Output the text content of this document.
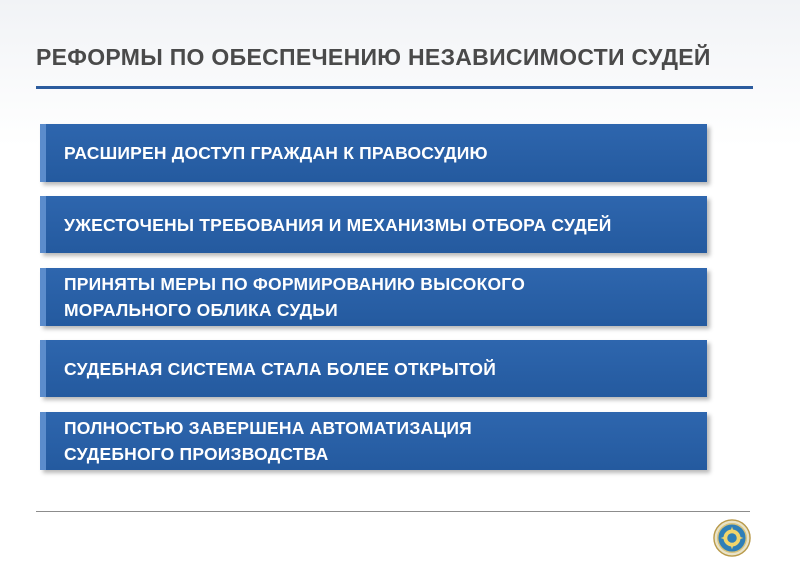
РЕФОРМЫ ПО ОБЕСПЕЧЕНИЮ НЕЗАВИСИМОСТИ СУДЕЙ
РАСШИРЕН ДОСТУП ГРАЖДАН К ПРАВОСУДИЮ
УЖЕСТОЧЕНЫ ТРЕБОВАНИЯ И МЕХАНИЗМЫ ОТБОРА СУДЕЙ
ПРИНЯТЫ МЕРЫ ПО ФОРМИРОВАНИЮ ВЫСОКОГО
МОРАЛЬНОГО ОБЛИКА СУДЬИ
СУДЕБНАЯ СИСТЕМА СТАЛА БОЛЕЕ ОТКРЫТОЙ
ПОЛНОСТЬЮ ЗАВЕРШЕНА АВТОМАТИЗАЦИЯ
СУДЕБНОГО ПРОИЗВОДСТВА
